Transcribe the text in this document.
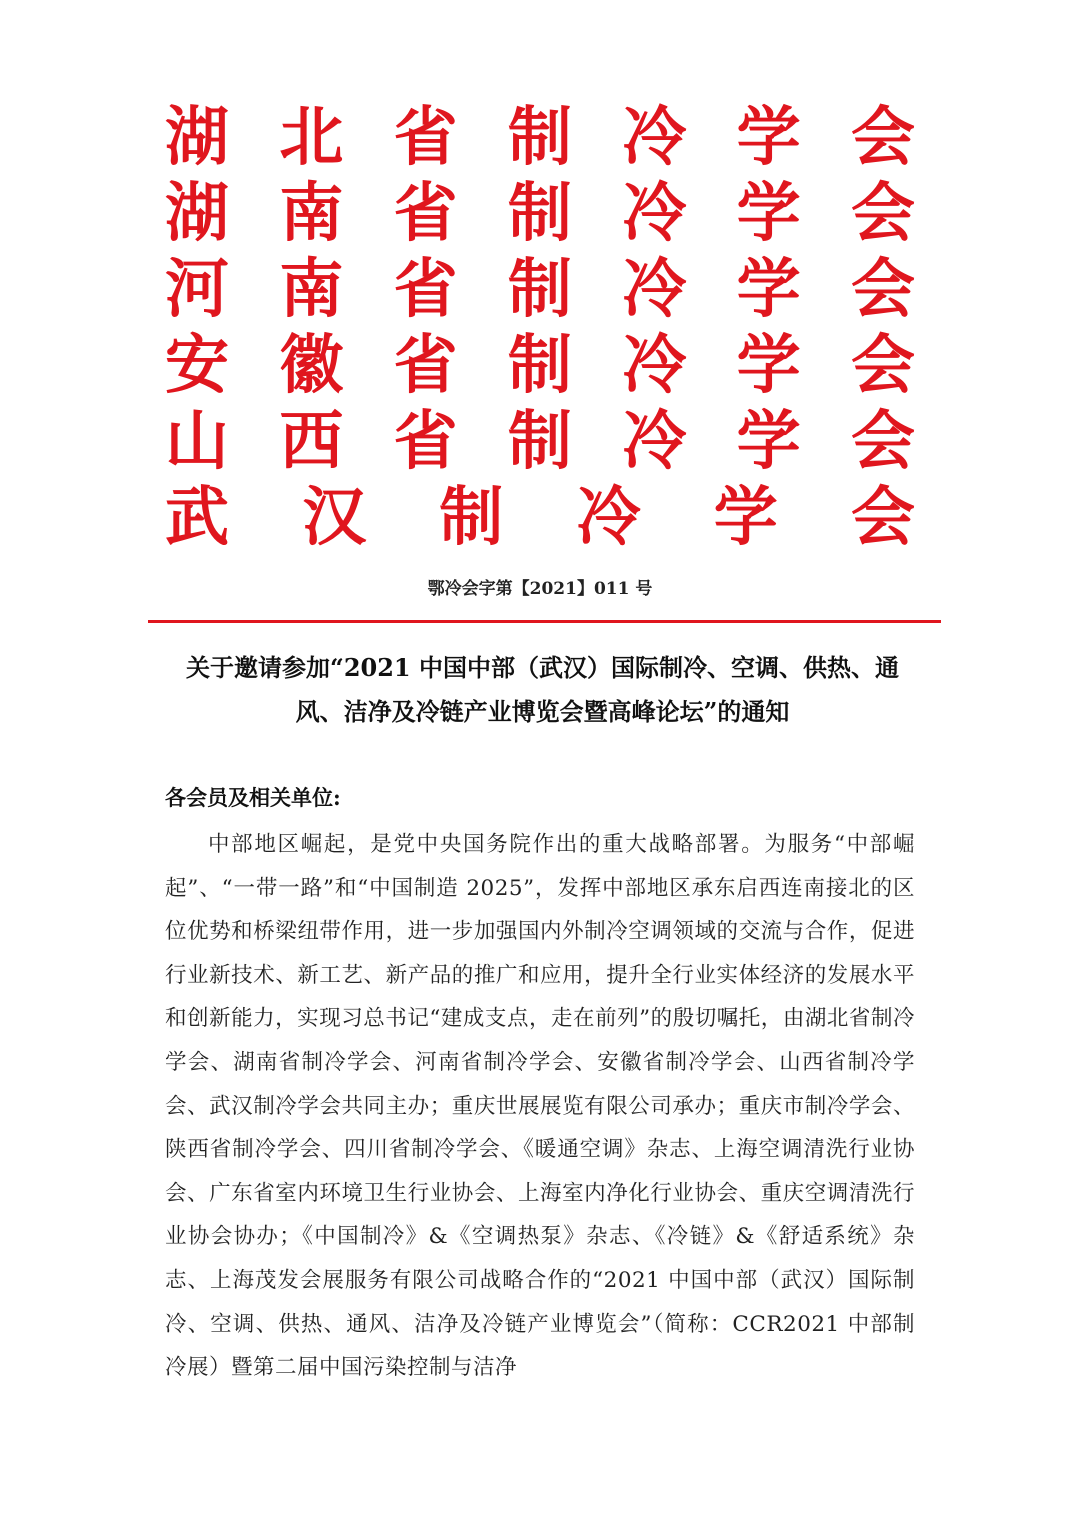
湖 北 省 制 冷 学 会
湖 南 省 制 冷 学 会
河 南 省 制 冷 学 会
安 徽 省 制 冷 学 会
山 西 省 制 冷 学 会
武 汉 制 冷 学 会
鄂冷会字第【2021】011 号
关于邀请参加“2021 中国中部（武汉）国际制冷、空调、供热、通风、洁净及冷链产业博览会暨高峰论坛”的通知
各会员及相关单位:
中部地区崛起，是党中央国务院作出的重大战略部署。为服务“中部崛起”、“一带一路”和“中国制造 2025”，发挥中部地区承东启西连南接北的区位优势和桥梁纽带作用，进一步加强国内外制冷空调领域的交流与合作，促进行业新技术、新工艺、新产品的推广和应用，提升全行业实体经济的发展水平和创新能力，实现习总书记“建成支点，走在前列”的殷切嘱托，由湖北省制冷学会、湖南省制冷学会、河南省制冷学会、安徽省制冷学会、山西省制冷学会、武汉制冷学会共同主办；重庆世展展览有限公司承办；重庆市制冷学会、陕西省制冷学会、四川省制冷学会、《暖通空调》杂志、上海空调清洗行业协会、广东省室内环境卫生行业协会、上海室内净化行业协会、重庆空调清洗行业协会协办；《中国制冷》&《空调热泵》杂志、《冷链》&《舒适系统》杂志、上海茂发会展服务有限公司战略合作的“2021 中国中部（武汉）国际制冷、空调、供热、通风、洁净及冷链产业博览会”（简称：CCR2021 中部制冷展）暨第二届中国污染控制与洁净
